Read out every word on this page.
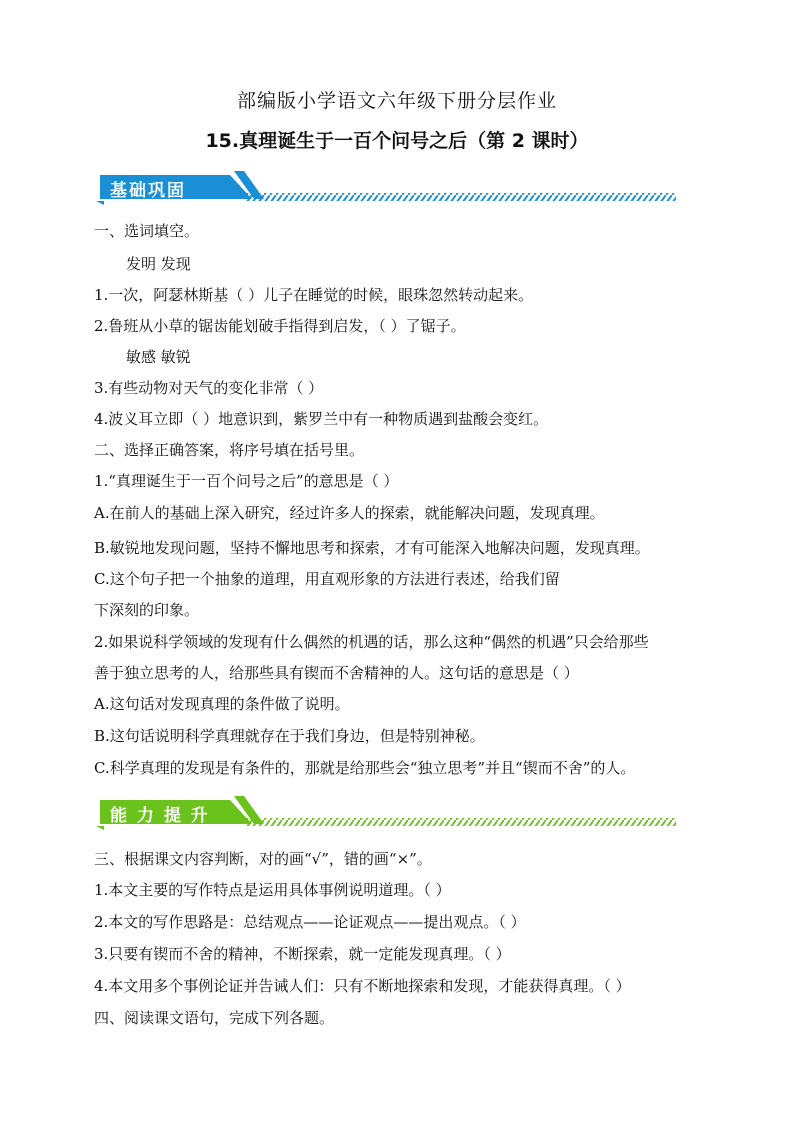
部编版小学语文六年级下册分层作业
15.真理诞生于一百个问号之后（第 2 课时）
基础巩固
一、选词填空。
发明 发现
1.一次，阿瑟林斯基（ ）儿子在睡觉的时候，眼珠忽然转动起来。
2.鲁班从小草的锯齿能划破手指得到启发，（ ）了锯子。
敏感 敏锐
3.有些动物对天气的变化非常（ ）
4.波义耳立即（ ）地意识到，紫罗兰中有一种物质遇到盐酸会变红。
二、选择正确答案，将序号填在括号里。
1.“真理诞生于一百个问号之后”的意思是（ ）
A.在前人的基础上深入研究，经过许多人的探索，就能解决问题，发现真理。
B.敏锐地发现问题，坚持不懈地思考和探索，才有可能深入地解决问题，发现真理。
C.这个句子把一个抽象的道理，用直观形象的方法进行表述，给我们留
下深刻的印象。
2.如果说科学领域的发现有什么偶然的机遇的话，那么这种“偶然的机遇”只会给那些
善于独立思考的人，给那些具有锲而不舍精神的人。这句话的意思是（ ）
A.这句话对发现真理的条件做了说明。
B.这句话说明科学真理就存在于我们身边，但是特别神秘。
C.科学真理的发现是有条件的，那就是给那些会“独立思考”并且“锲而不舍”的人。
能 力 提 升
三、根据课文内容判断，对的画“√”，错的画“×”。
1.本文主要的写作特点是运用具体事例说明道理。（ ）
2.本文的写作思路是：总结观点——论证观点——提出观点。（ ）
3.只要有锲而不舍的精神，不断探索，就一定能发现真理。（ ）
4.本文用多个事例论证并告诫人们：只有不断地探索和发现，才能获得真理。（ ）
四、阅读课文语句，完成下列各题。
